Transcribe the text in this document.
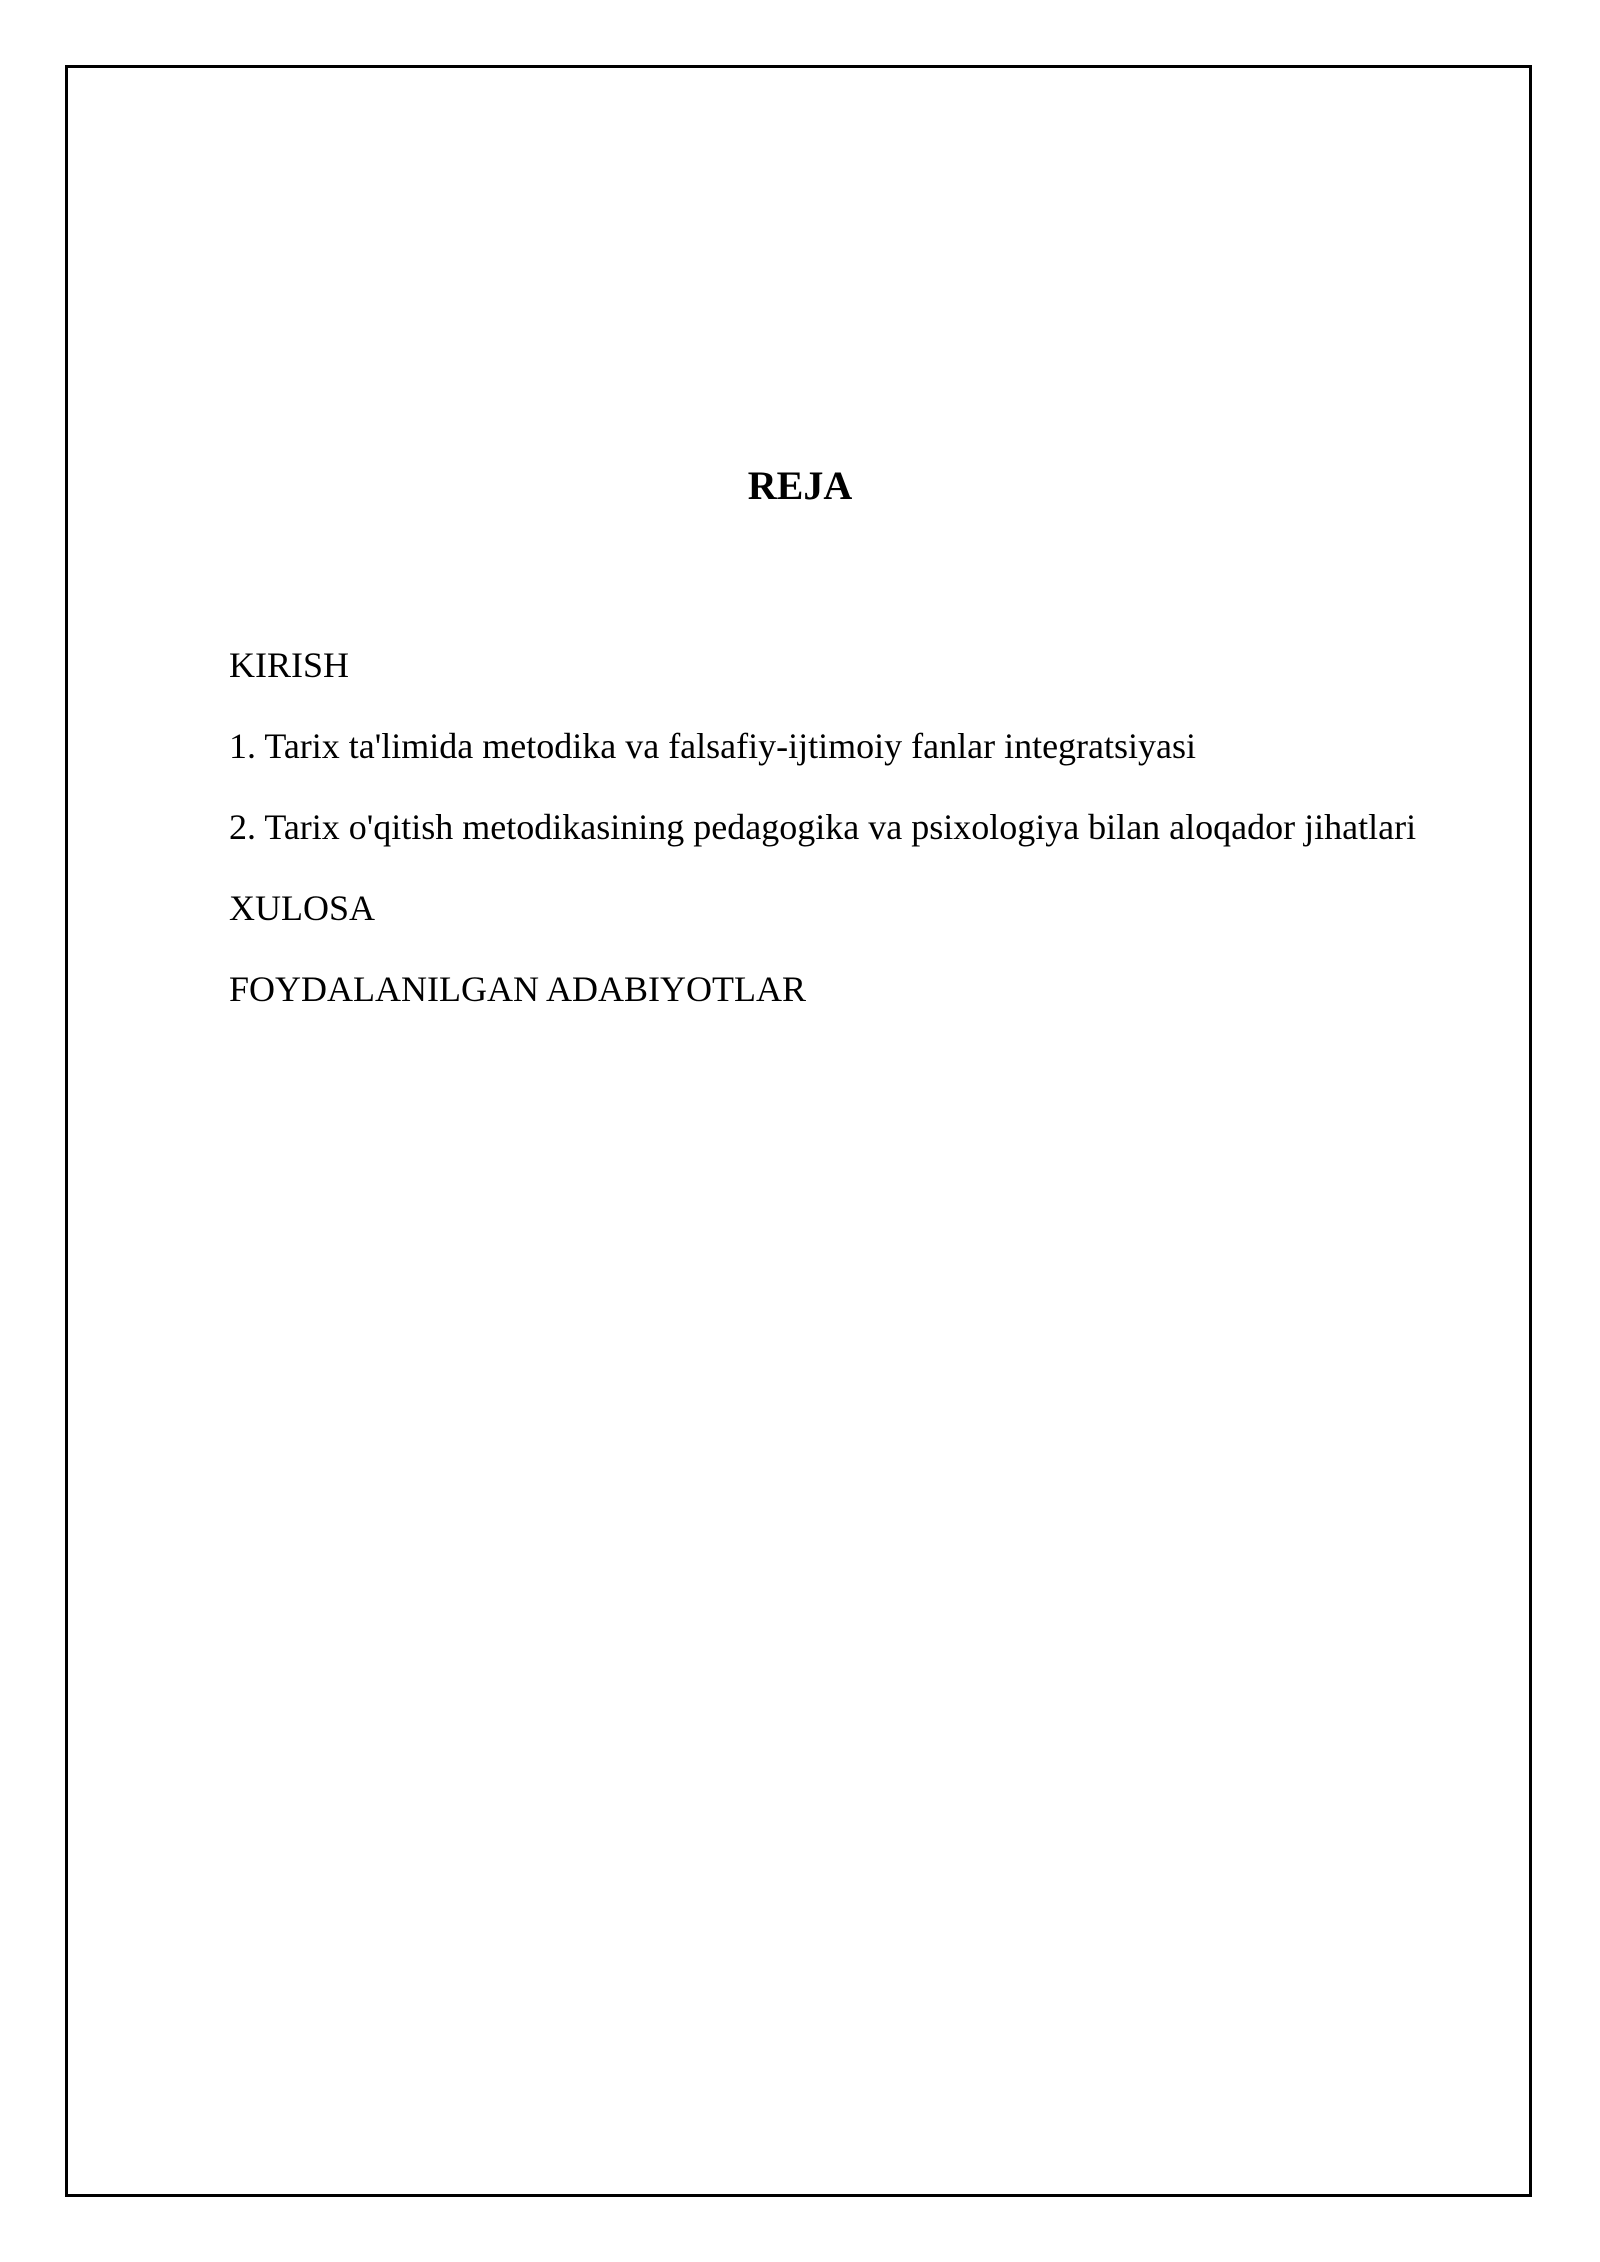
REJA
KIRISH
1. Tarix ta'limida metodika va falsafiy-ijtimoiy fanlar integratsiyasi
2. Tarix o'qitish metodikasining pedagogika va psixologiya bilan aloqador jihatlari
XULOSA
FOYDALANILGAN ADABIYOTLAR
